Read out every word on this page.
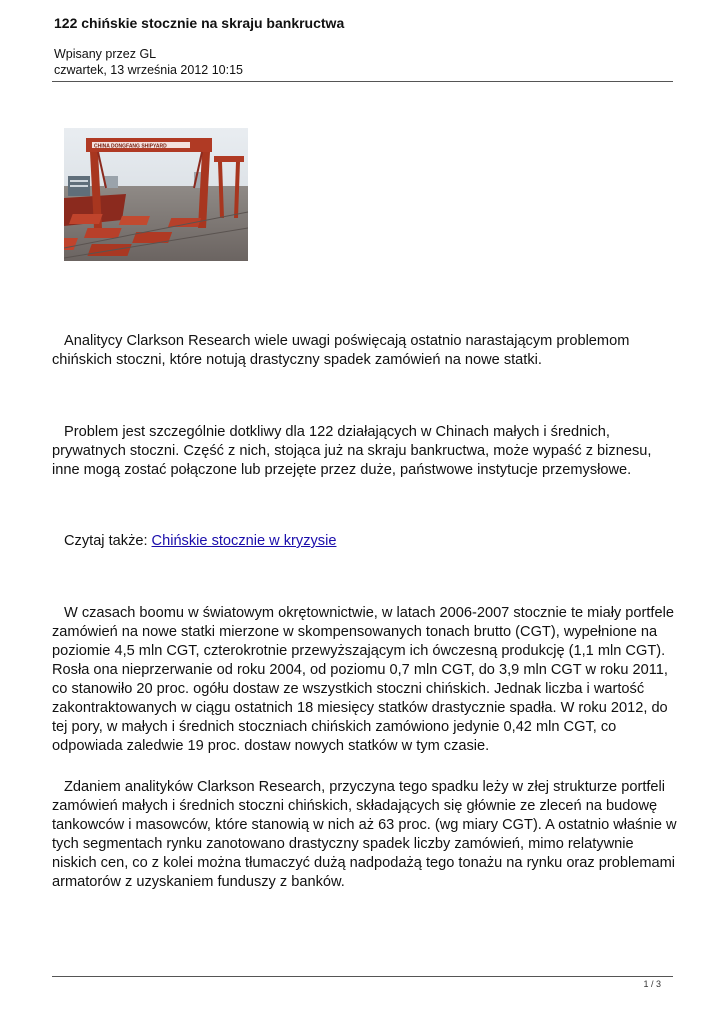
122 chińskie stocznie na skraju bankructwa
Wpisany przez GL
czwartek, 13 września 2012 10:15
CHINA DONGFANG SHIPYARD

Analitycy Clarkson Research wiele uwagi poświęcają ostatnio narastającym problemom chińskich stoczni, które notują drastyczny spadek zamówień na nowe statki.

Problem jest szczególnie dotkliwy dla 122 działających w Chinach małych i średnich, prywatnych stoczni. Część z nich, stojąca już na skraju bankructwa, może wypaść z biznesu, inne mogą zostać połączone lub przejęte przez duże, państwowe instytucje przemysłowe.

Czytaj także: Chińskie stocznie w kryzysie

W czasach boomu w światowym okrętownictwie, w latach 2006-2007 stocznie te miały portfele zamówień na nowe statki mierzone w skompensowanych tonach brutto (CGT), wypełnione na poziomie 4,5 mln CGT, czterokrotnie przewyższającym ich ówczesną produkcję (1,1 mln CGT). Rosła ona nieprzerwanie od roku 2004, od poziomu 0,7 mln CGT, do 3,9 mln CGT w roku 2011, co stanowiło 20 proc. ogółu dostaw ze wszystkich stoczni chińskich. Jednak liczba i wartość zakontraktowanych w ciągu ostatnich 18 miesięcy statków drastycznie spadła. W roku 2012, do tej pory, w małych i średnich stoczniach chińskich zamówiono jedynie 0,42 mln CGT, co odpowiada zaledwie 19 proc. dostaw nowych statków w tym czasie.

Zdaniem analityków Clarkson Research, przyczyna tego spadku leży w złej strukturze portfeli zamówień małych i średnich stoczni chińskich, składających się głównie ze zleceń na budowę tankowców i masowców, które stanowią w nich aż 63 proc. (wg miary CGT). A ostatnio właśnie w tych segmentach rynku zanotowano drastyczny spadek liczby zamówień, mimo relatywnie niskich cen, co z kolei można tłumaczyć dużą nadpodażą tego tonażu na rynku oraz problemami armatorów z uzyskaniem funduszy z banków.

1 / 3
